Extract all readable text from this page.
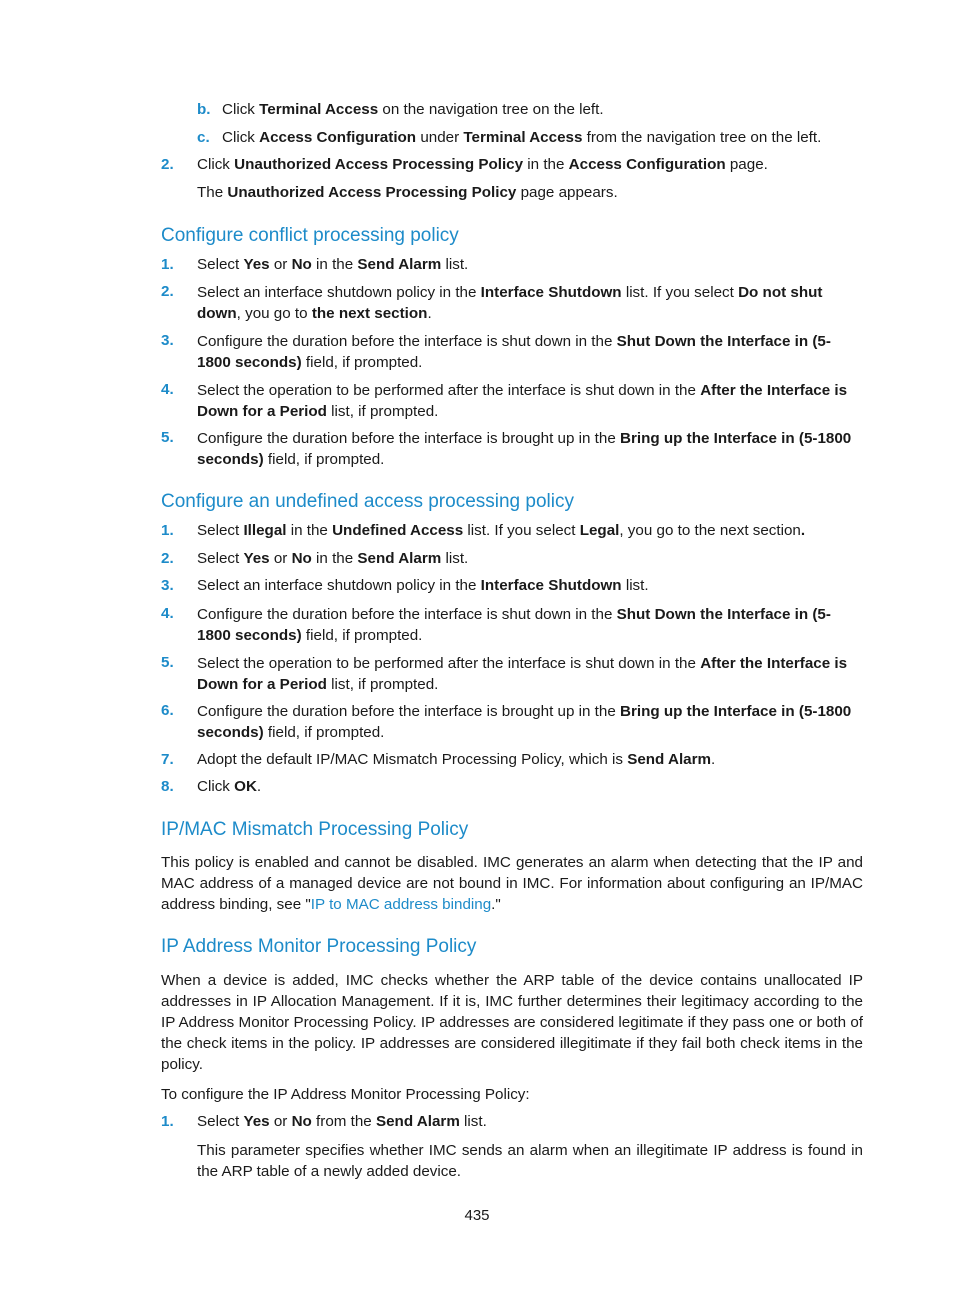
b. Click Terminal Access on the navigation tree on the left.
c. Click Access Configuration under Terminal Access from the navigation tree on the left.
2. Click Unauthorized Access Processing Policy in the Access Configuration page.
The Unauthorized Access Processing Policy page appears.
Configure conflict processing policy
1. Select Yes or No in the Send Alarm list.
2. Select an interface shutdown policy in the Interface Shutdown list. If you select Do not shut down, you go to the next section.
3. Configure the duration before the interface is shut down in the Shut Down the Interface in (5-1800 seconds) field, if prompted.
4. Select the operation to be performed after the interface is shut down in the After the Interface is Down for a Period list, if prompted.
5. Configure the duration before the interface is brought up in the Bring up the Interface in (5-1800 seconds) field, if prompted.
Configure an undefined access processing policy
1. Select Illegal in the Undefined Access list. If you select Legal, you go to the next section.
2. Select Yes or No in the Send Alarm list.
3. Select an interface shutdown policy in the Interface Shutdown list.
4. Configure the duration before the interface is shut down in the Shut Down the Interface in (5-1800 seconds) field, if prompted.
5. Select the operation to be performed after the interface is shut down in the After the Interface is Down for a Period list, if prompted.
6. Configure the duration before the interface is brought up in the Bring up the Interface in (5-1800 seconds) field, if prompted.
7. Adopt the default IP/MAC Mismatch Processing Policy, which is Send Alarm.
8. Click OK.
IP/MAC Mismatch Processing Policy
This policy is enabled and cannot be disabled. IMC generates an alarm when detecting that the IP and MAC address of a managed device are not bound in IMC. For information about configuring an IP/MAC address binding, see "IP to MAC address binding."
IP Address Monitor Processing Policy
When a device is added, IMC checks whether the ARP table of the device contains unallocated IP addresses in IP Allocation Management. If it is, IMC further determines their legitimacy according to the IP Address Monitor Processing Policy. IP addresses are considered legitimate if they pass one or both of the check items in the policy. IP addresses are considered illegitimate if they fail both check items in the policy.
To configure the IP Address Monitor Processing Policy:
1. Select Yes or No from the Send Alarm list.
This parameter specifies whether IMC sends an alarm when an illegitimate IP address is found in the ARP table of a newly added device.
435
